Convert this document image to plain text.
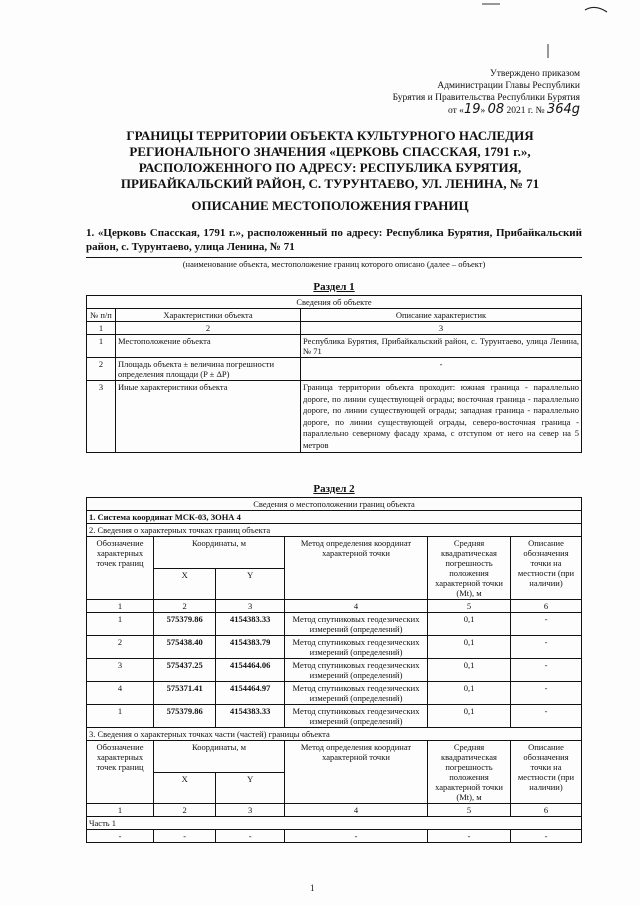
Утверждено приказом
Администрации Главы Республики
Бурятия и Правительства Республики Бурятия
от «19» 08 2021 г. № 364g
ГРАНИЦЫ ТЕРРИТОРИИ ОБЪЕКТА КУЛЬТУРНОГО НАСЛЕДИЯ
РЕГИОНАЛЬНОГО ЗНАЧЕНИЯ «ЦЕРКОВЬ СПАССКАЯ, 1791 г.»,
РАСПОЛОЖЕННОГО ПО АДРЕСУ: РЕСПУБЛИКА БУРЯТИЯ,
ПРИБАЙКАЛЬСКИЙ РАЙОН, С. ТУРУНТАЕВО, УЛ. ЛЕНИНА, № 71
ОПИСАНИЕ МЕСТОПОЛОЖЕНИЯ ГРАНИЦ
1. «Церковь Спасская, 1791 г.», расположенный по адресу: Республика Бурятия, Прибайкальский район, с. Турунтаево, улица Ленина, № 71
(наименование объекта, местоположение границ которого описано (далее – объект)
Раздел 1
Сведения об объекте		
№ п/п	Характеристики объекта	Описание характеристик
1	2	3
1	Местоположение объекта	Республика Бурятия, Прибайкальский район, с. Турунтаево, улица Ленина, № 71
2	Площадь объекта ± величина погрешности определения площади (P ± ΔP)	-
3	Иные характеристики объекта	Граница территории объекта проходит: южная граница - параллельно дороге, по линии существующей ограды; восточная граница - параллельно дороге, по линии существующей ограды; западная граница - параллельно дороге, по линии существующей ограды, северо-восточная граница - параллельно северному фасаду храма, с отступом от него на север на 5 метров
Раздел 2
Сведения о местоположении границ объекта					
1. Система координат МСК-03, ЗОНА 4					
2. Сведения о характерных точках границ объекта					
Обозначение характерных точек границ	Координаты, м		Метод определения координат характерной точки	Средняя квадратическая погрешность положения характерной точки (Mt), м	Описание обозначения точки на местности (при наличии)
	X	Y			
1	2	3	4	5	6
1	575379.86	4154383.33	Метод спутниковых геодезических измерений (определений)	0,1	-
2	575438.40	4154383.79	Метод спутниковых геодезических измерений (определений)	0,1	-
3	575437.25	4154464.06	Метод спутниковых геодезических измерений (определений)	0,1	-
4	575371.41	4154464.97	Метод спутниковых геодезических измерений (определений)	0,1	-
1	575379.86	4154383.33	Метод спутниковых геодезических измерений (определений)	0,1	-
3. Сведения о характерных точках части (частей) границы объекта					
Обозначение характерных точек границ	Координаты, м		Метод определения координат характерной точки	Средняя квадратическая погрешность положения характерной точки (Mt), м	Описание обозначения точки на местности (при наличии)
	X	Y			
1	2	3	4	5	6
Часть 1					
-	-	-	-	-	-
1
